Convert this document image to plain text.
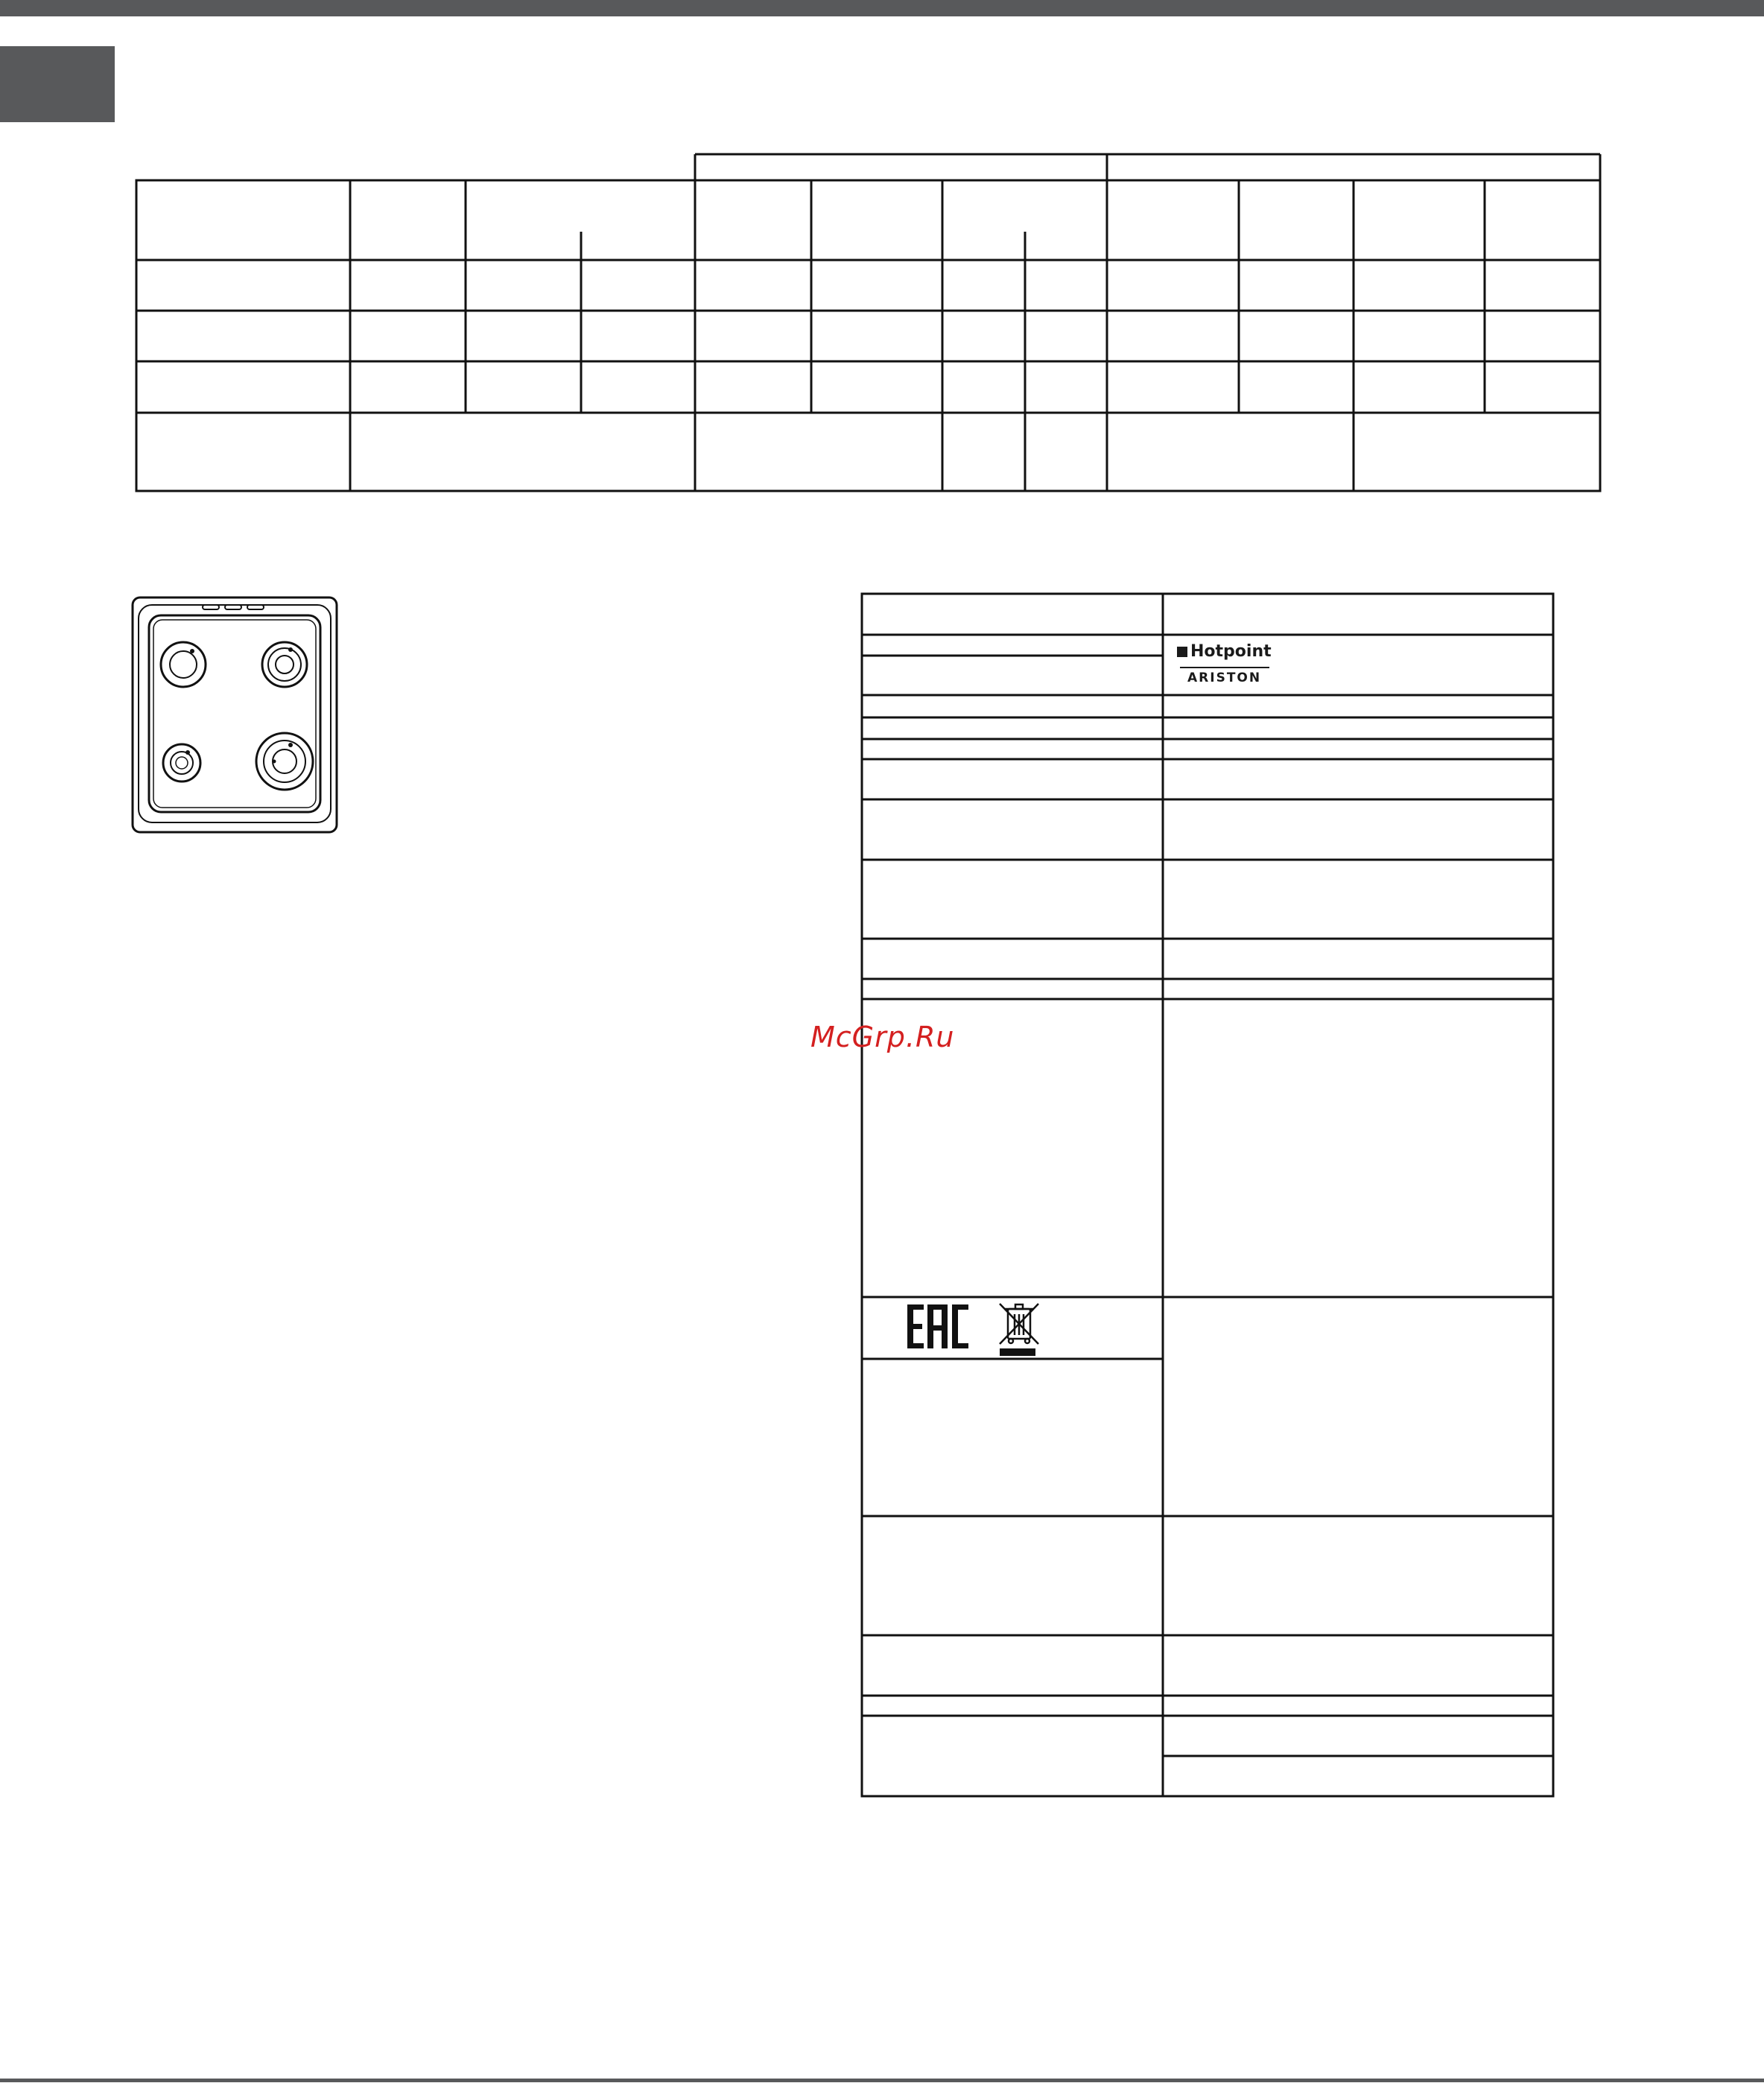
Hotpoint
ARISTON
McGrp.Ru
